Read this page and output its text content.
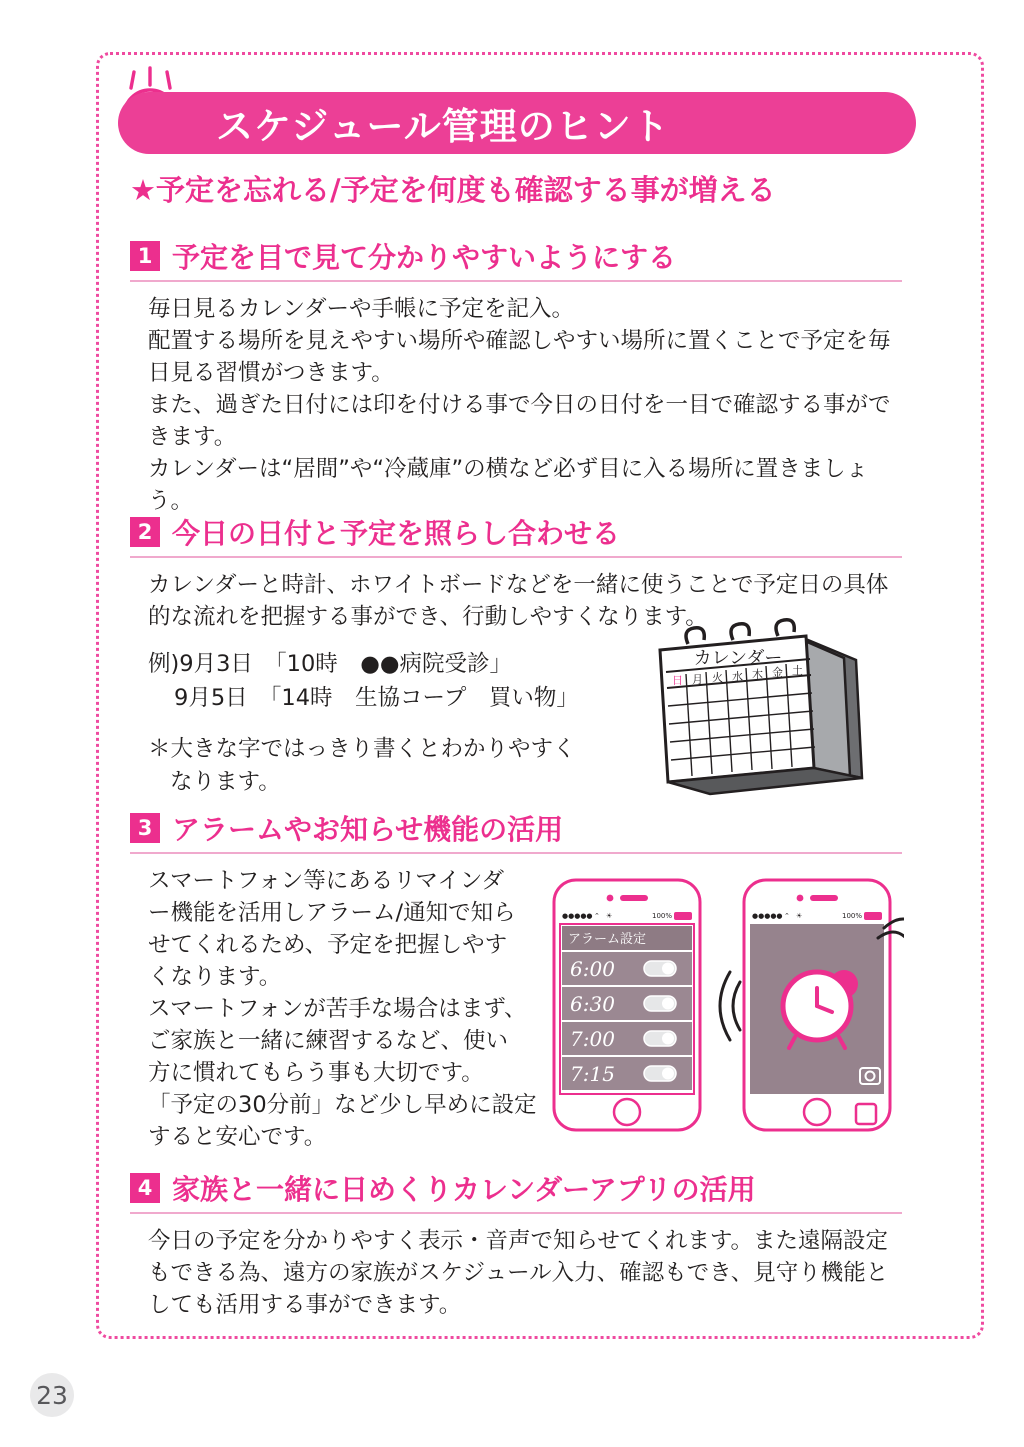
スケジュール管理のヒント
★予定を忘れる/予定を何度も確認する事が増える
1 予定を目で見て分かりやすいようにする

毎日見るカレンダーや手帳に予定を記入。

配置する場所を見えやすい場所や確認しやすい場所に置くことで予定を毎日見る習慣がつきます。

また、過ぎた日付には印を付ける事で今日の日付を一目で確認する事ができます。

カレンダーは“居間”や“冷蔵庫”の横など必ず目に入る場所に置きましょう。

2 今日の日付と予定を照らし合わせる

カレンダーと時計、ホワイトボードなどを一緒に使うことで予定日の具体的な流れを把握する事ができ、行動しやすくなります。

例)9月3日　「10時　●●病院受診」

9月5日　「14時　生協コープ　買い物」

＊大きな字ではっきり書くとわかりやすく

なります。

カレンダー
日 月 火 水 木 金 土
3 アラームやお知らせ機能の活用

スマートフォン等にあるリマインダ

ー機能を活用しアラーム/通知で知ら

せてくれるため、予定を把握しやす

くなります。

スマートフォンが苦手な場合はまず、

ご家族と一緒に練習するなど、使い

方に慣れてもらう事も大切です。

「予定の30分前」など少し早めに設定

すると安心です。

●●●●● ⌃ ☀	100%
アラーム設定
6:00
6:30
7:00
7:15
●●●●● ⌃ ☀	100%
4 家族と一緒に日めくりカレンダーアプリの活用

今日の予定を分かりやすく表示・音声で知らせてくれます。また遠隔設定もできる為、遠方の家族がスケジュール入力、確認もでき、見守り機能としても活用する事ができます。

23
